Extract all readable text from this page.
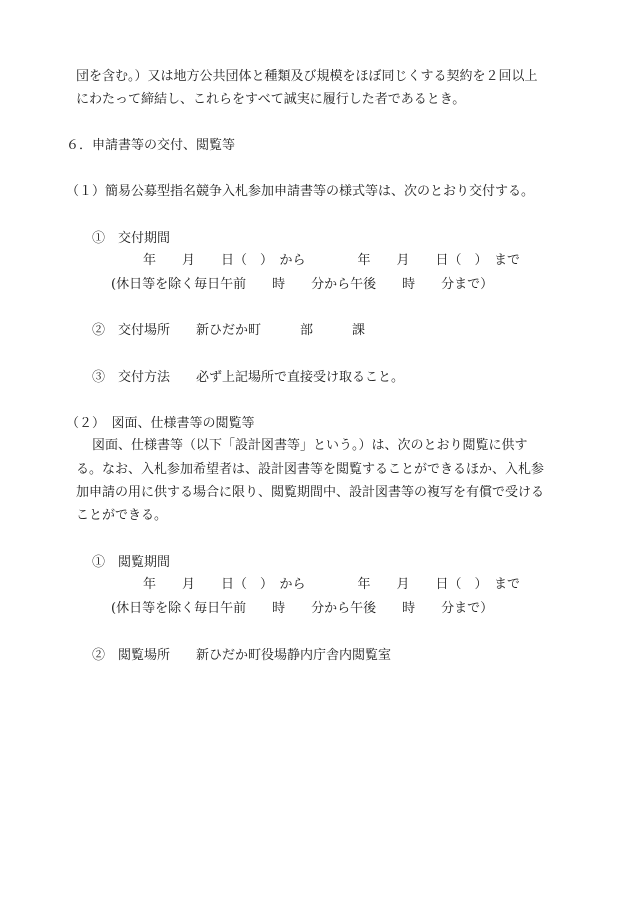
団を含む。）又は地方公共団体と種類及び規模をほぼ同じくする契約を２回以上
にわたって締結し、これらをすべて誠実に履行した者であるとき。
６．申請書等の交付、閲覧等
（１）簡易公募型指名競争入札参加申請書等の様式等は、次のとおり交付する。
①　交付期間
年　　月　　日（　）　から　　　　年　　月　　日（　）　まで
(休日等を除く毎日午前　　時　　分から午後　　時　　分まで）
②　交付場所　　新ひだか町　　　部　　　課
③　交付方法　　必ず上記場所で直接受け取ること。
（２）　図面、仕様書等の閲覧等
図面、仕様書等（以下「設計図書等」という。）は、次のとおり閲覧に供す
る。なお、入札参加希望者は、設計図書等を閲覧することができるほか、入札参
加申請の用に供する場合に限り、閲覧期間中、設計図書等の複写を有償で受ける
ことができる。
①　閲覧期間
年　　月　　日（　）　から　　　　年　　月　　日（　）　まで
(休日等を除く毎日午前　　時　　分から午後　　時　　分まで）
②　閲覧場所　　新ひだか町役場静内庁舎内閲覧室
